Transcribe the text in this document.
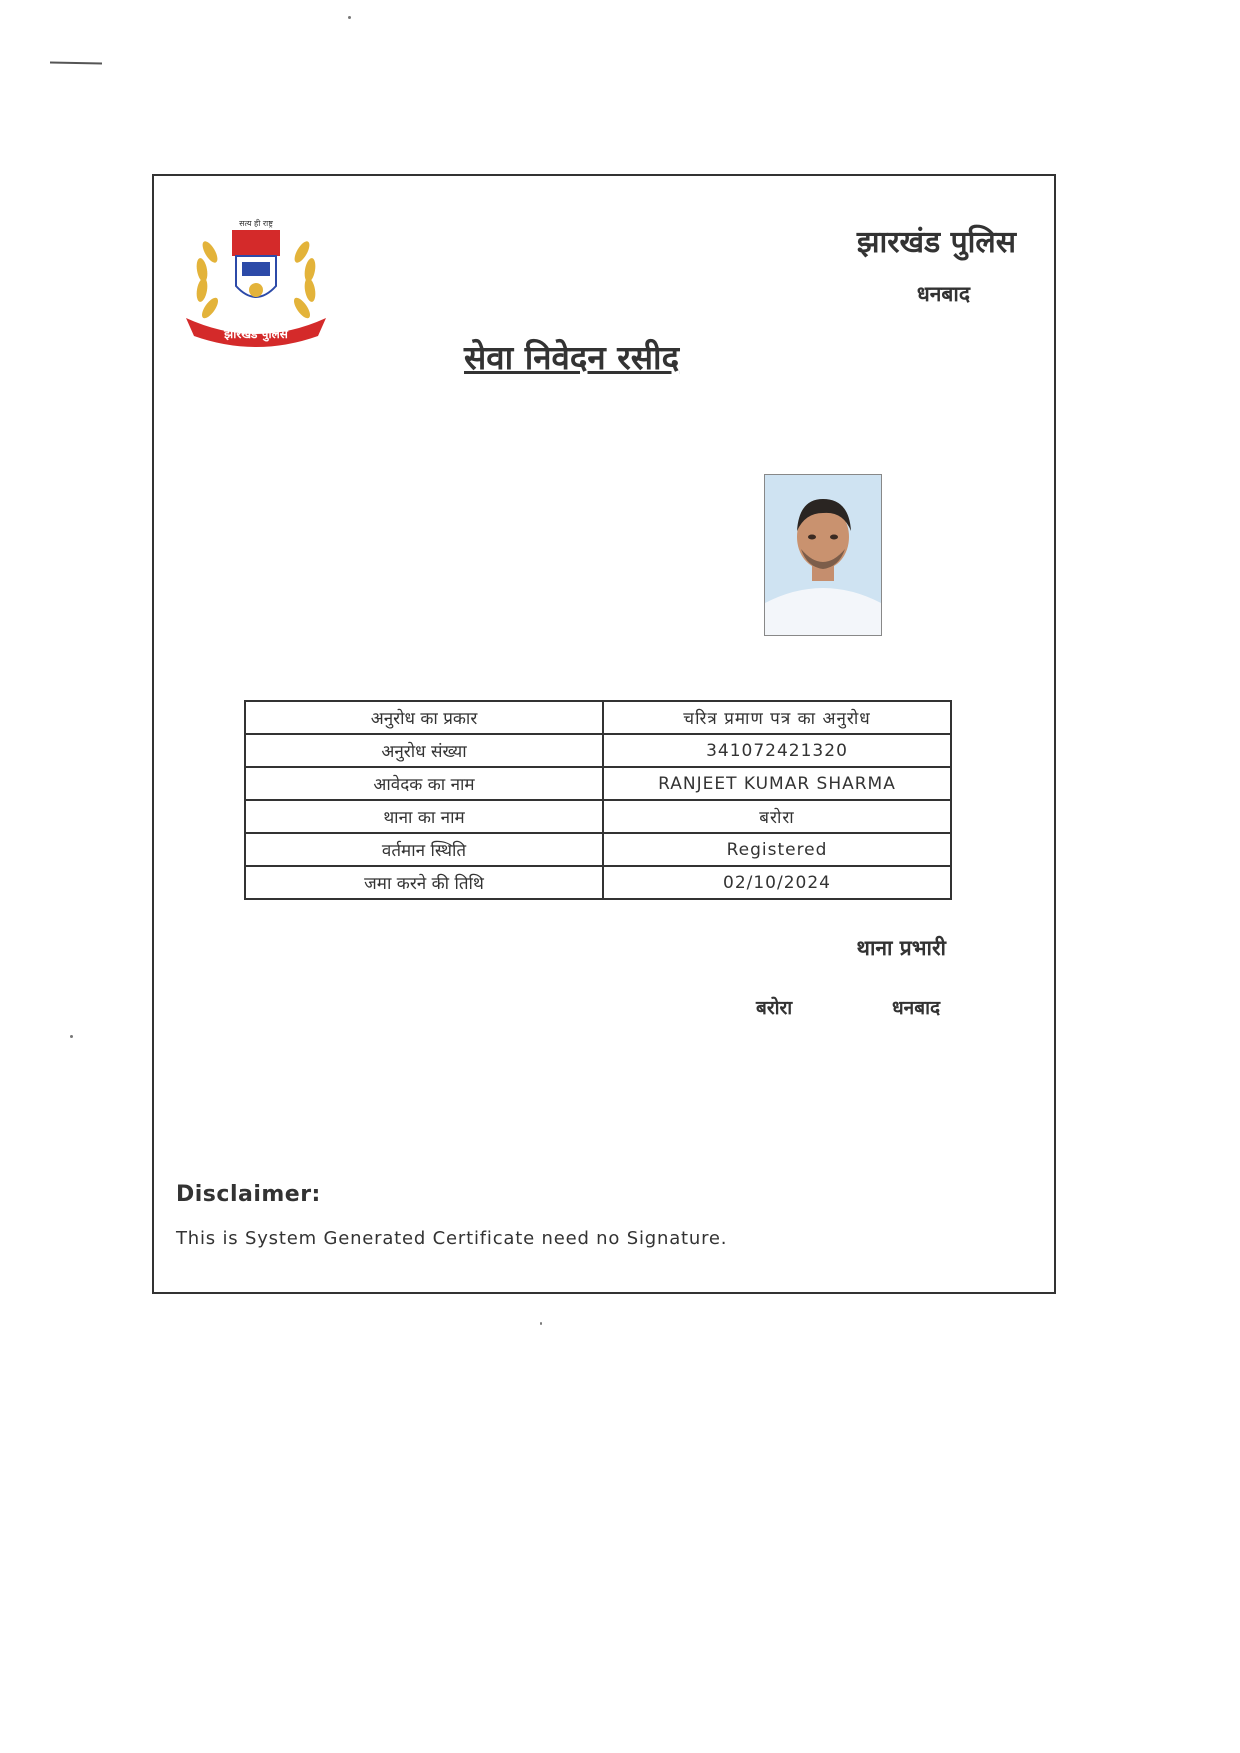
सत्य ही राष्ट्र
झारखंड पुलिस
झारखंड पुलिस
धनबाद
सेवा निवेदन रसीद
अनुरोध का प्रकार	चरित्र प्रमाण पत्र का अनुरोध
अनुरोध संख्या	341072421320
आवेदक का नाम	RANJEET KUMAR SHARMA
थाना का नाम	बरोरा
वर्तमान स्थिति	Registered
जमा करने की तिथि	02/10/2024
थाना प्रभारी
बरोरा	धनबाद
Disclaimer:
This is System Generated Certificate need no Signature.
